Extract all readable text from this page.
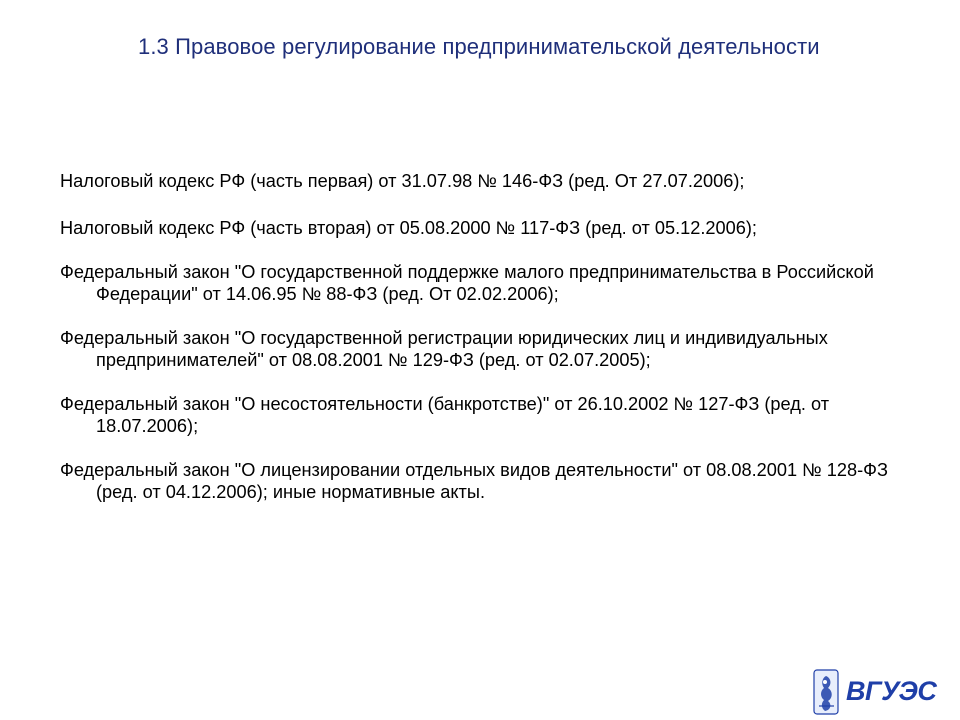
1.3 Правовое регулирование предпринимательской деятельности
Налоговый кодекс РФ (часть первая) от 31.07.98 № 146-ФЗ (ред. От 27.07.2006);
Налоговый кодекс РФ (часть вторая) от 05.08.2000 № 117-ФЗ (ред. от 05.12.2006);
Федеральный закон "О государственной поддержке малого предпринимательства в Российской Федерации" от 14.06.95 № 88-ФЗ (ред. От 02.02.2006);
Федеральный закон "О государственной регистрации юридических лиц и индивидуальных предпринимателей" от 08.08.2001 № 129-ФЗ (ред. от 02.07.2005);
Федеральный закон "О несостоятельности (банкротстве)" от 26.10.2002 № 127-ФЗ (ред. от 18.07.2006);
Федеральный закон "О лицензировании отдельных видов деятельности" от 08.08.2001 № 128-ФЗ (ред. от 04.12.2006); иные нормативные акты.
ВГУЭС
